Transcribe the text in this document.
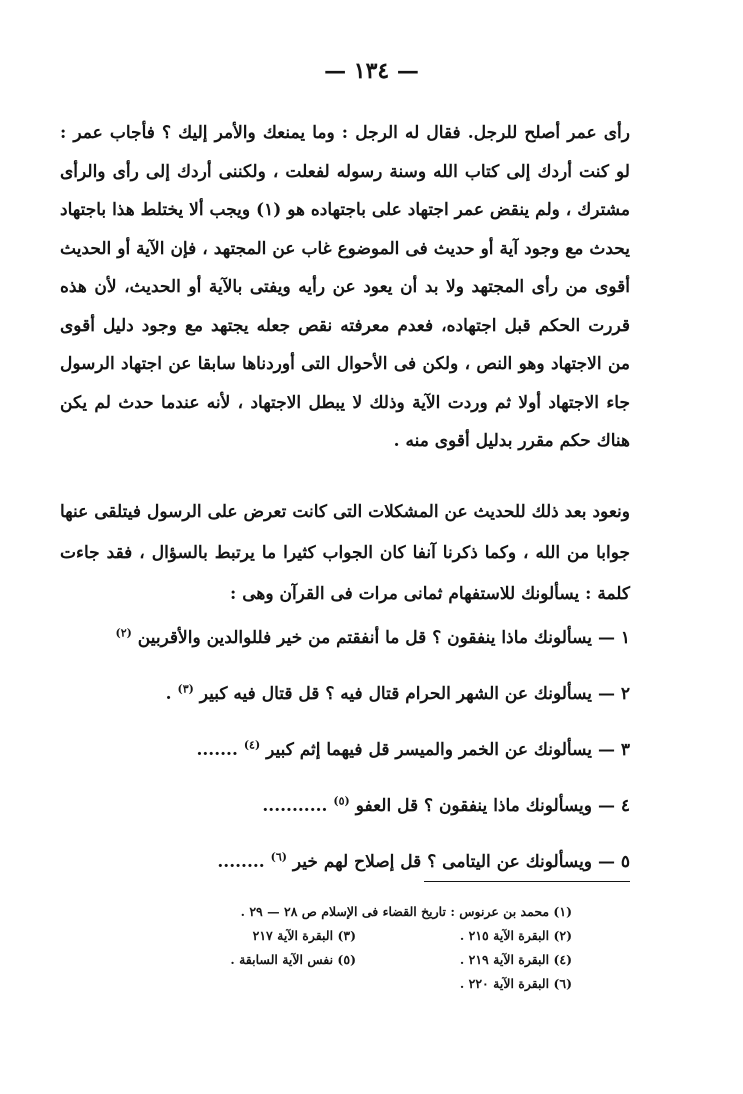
— ١٣٤ —

رأى عمر أصلح للرجل. فقال له الرجل : وما يمنعك والأمر إليك ؟ فأجاب عمر : لو كنت أردك إلى كتاب الله وسنة رسوله لفعلت ، ولكننى أردك إلى رأى والرأى مشترك ، ولم ينقض عمر اجتهاد على باجتهاده هو (١) ويجب ألا يختلط هذا باجتهاد يحدث مع وجود آية أو حديث فى الموضوع غاب عن المجتهد ، فإن الآية أو الحديث أقوى من رأى المجتهد ولا بد أن يعود عن رأيه ويفتى بالآية أو الحديث، لأن هذه قررت الحكم قبل اجتهاده، فعدم معرفته نقص جعله يجتهد مع وجود دليل أقوى من الاجتهاد وهو النص ، ولكن فى الأحوال التى أوردناها سابقا عن اجتهاد الرسول جاء الاجتهاد أولا ثم وردت الآية وذلك لا يبطل الاجتهاد ، لأنه عندما حدث لم يكن هناك حكم مقرر بدليل أقوى منه .

ونعود بعد ذلك للحديث عن المشكلات التى كانت تعرض على الرسول فيتلقى عنها جوابا من الله ، وكما ذكرنا آنفا كان الجواب كثيرا ما يرتبط بالسؤال ، فقد جاءت كلمة : يسألونك للاستفهام ثمانى مرات فى القرآن وهى :

١ — يسألونك ماذا ينفقون ؟ قل ما أنفقتم من خير فللوالدين والأقربين $^{(٢)}$
٢ — يسألونك عن الشهر الحرام قتال فيه ؟ قل قتال فيه كبير $^{(٣)}$ .
٣ — يسألونك عن الخمر والميسر قل فيهما إثم كبير $^{(٤)}$ .......
٤ — ويسألونك ماذا ينفقون ؟ قل العفو $^{(٥)}$ ...........
٥ — ويسألونك عن اليتامى ؟ قل إصلاح لهم خير $^{(٦)}$ ........
(١) محمد بن عرنوس : تاريخ القضاء فى الإسلام ص ٢٨ — ٢٩ .
(٢) البقرة الآية ٢١٥ .
(٣) البقرة الآية ٢١٧
(٤) البقرة الآية ٢١٩ .
(٥) نفس الآية السابقة .
(٦) البقرة الآية ٢٢٠ .
